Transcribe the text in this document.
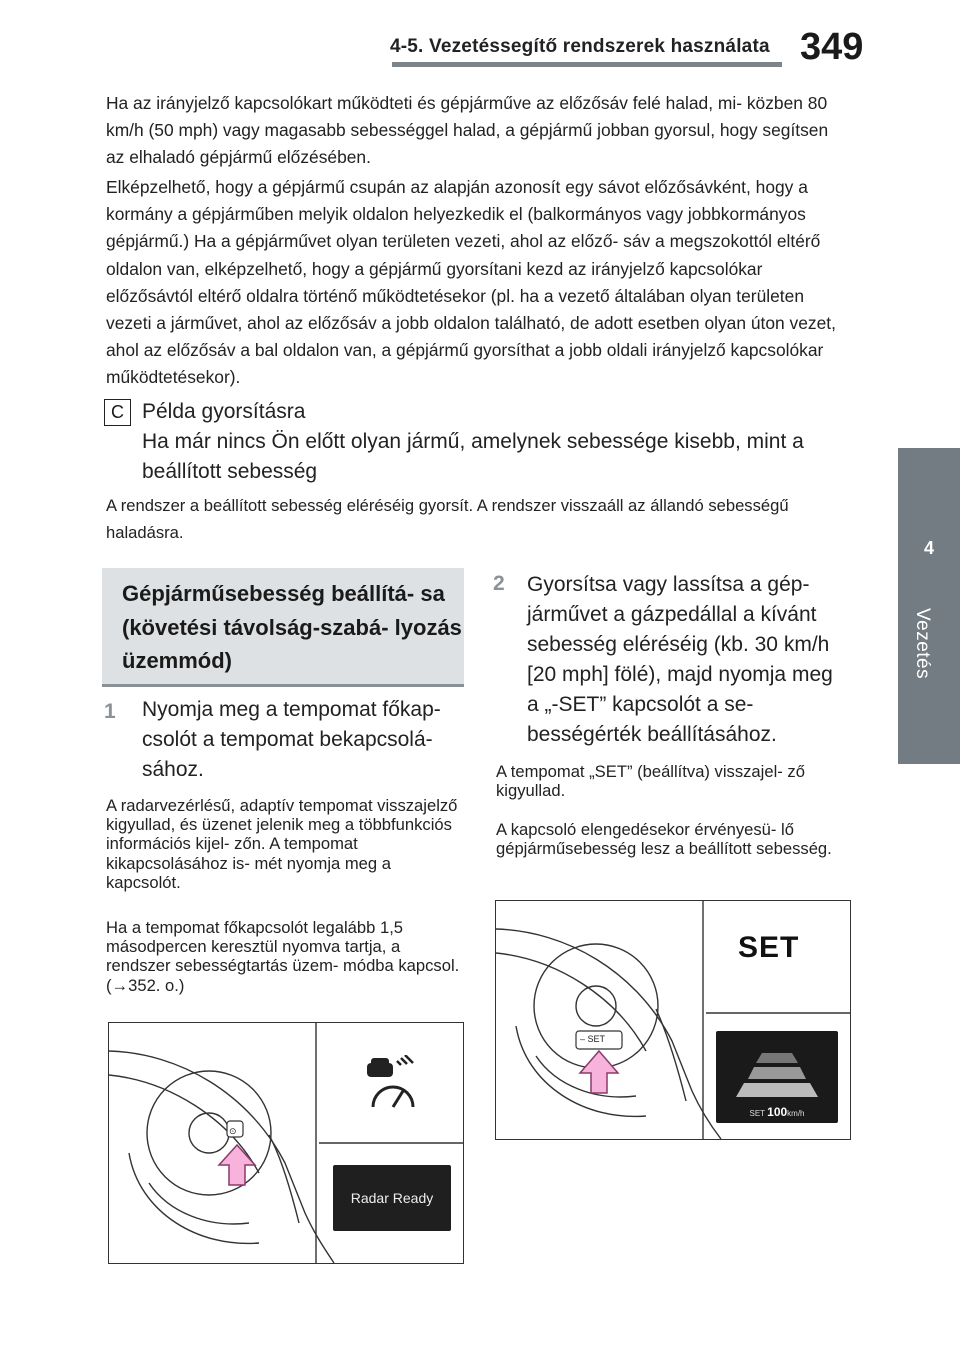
4-5. Vezetéssegítő rendszerek használata 349
4
Vezetés

Ha az irányjelző kapcsolókart működteti és gépjárműve az előzősáv felé halad, mi- közben 80 km/h (50 mph) vagy magasabb sebességgel halad, a gépjármű jobban gyorsul, hogy segítsen az elhaladó gépjármű előzésében.

Elképzelhető, hogy a gépjármű csupán az alapján azonosít egy sávot előzősávként, hogy a kormány a gépjárműben melyik oldalon helyezkedik el (balkormányos vagy jobbkormányos gépjármű.) Ha a gépjárművet olyan területen vezeti, ahol az előző- sáv a megszokottól eltérő oldalon van, elképzelhető, hogy a gépjármű gyorsítani kezd az irányjelző kapcsolókar előzősávtól eltérő oldalra történő működtetésekor (pl. ha a vezető általában olyan területen vezeti a járművet, ahol az előzősáv a jobb oldalon található, de adott esetben olyan úton vezet, ahol az előzősáv a bal oldalon van, a gépjármű gyorsíthat a jobb oldali irányjelző kapcsolókar működtetésekor).

C Példa gyorsításra
Ha már nincs Ön előtt olyan jármű, amelynek sebessége kisebb, mint a beállított sebesség

A rendszer a beállított sebesség eléréséig gyorsít. A rendszer visszaáll az állandó sebességű haladásra.

Gépjárműsebesség beállítá- sa (követési távolság-szabá- lyozás üzemmód)

1 Nyomja meg a tempomat főkap- csolót a tempomat bekapcsolá- sához.

A radarvezérlésű, adaptív tempomat visszajelző kigyullad, és üzenet jelenik meg a többfunkciós információs kijel- zőn. A tempomat kikapcsolásához is- mét nyomja meg a kapcsolót.

Ha a tempomat főkapcsolót legalább 1,5 másodpercen keresztül nyomva tartja, a rendszer sebességtartás üzem- módba kapcsol. (→352. o.)

2 Gyorsítsa vagy lassítsa a gép- járművet a gázpedállal a kívánt sebesség eléréséig (kb. 30 km/h [20 mph] fölé), majd nyomja meg a „-SET” kapcsolót a se- bességérték beállításához.

A tempomat „SET” (beállítva) visszajel- ző kigyullad.

A kapcsoló elengedésekor érvényesü- lő gépjárműsebesség lesz a beállított sebesség.

⊙
Radar Ready
– SET
SET
SET 100km/h
